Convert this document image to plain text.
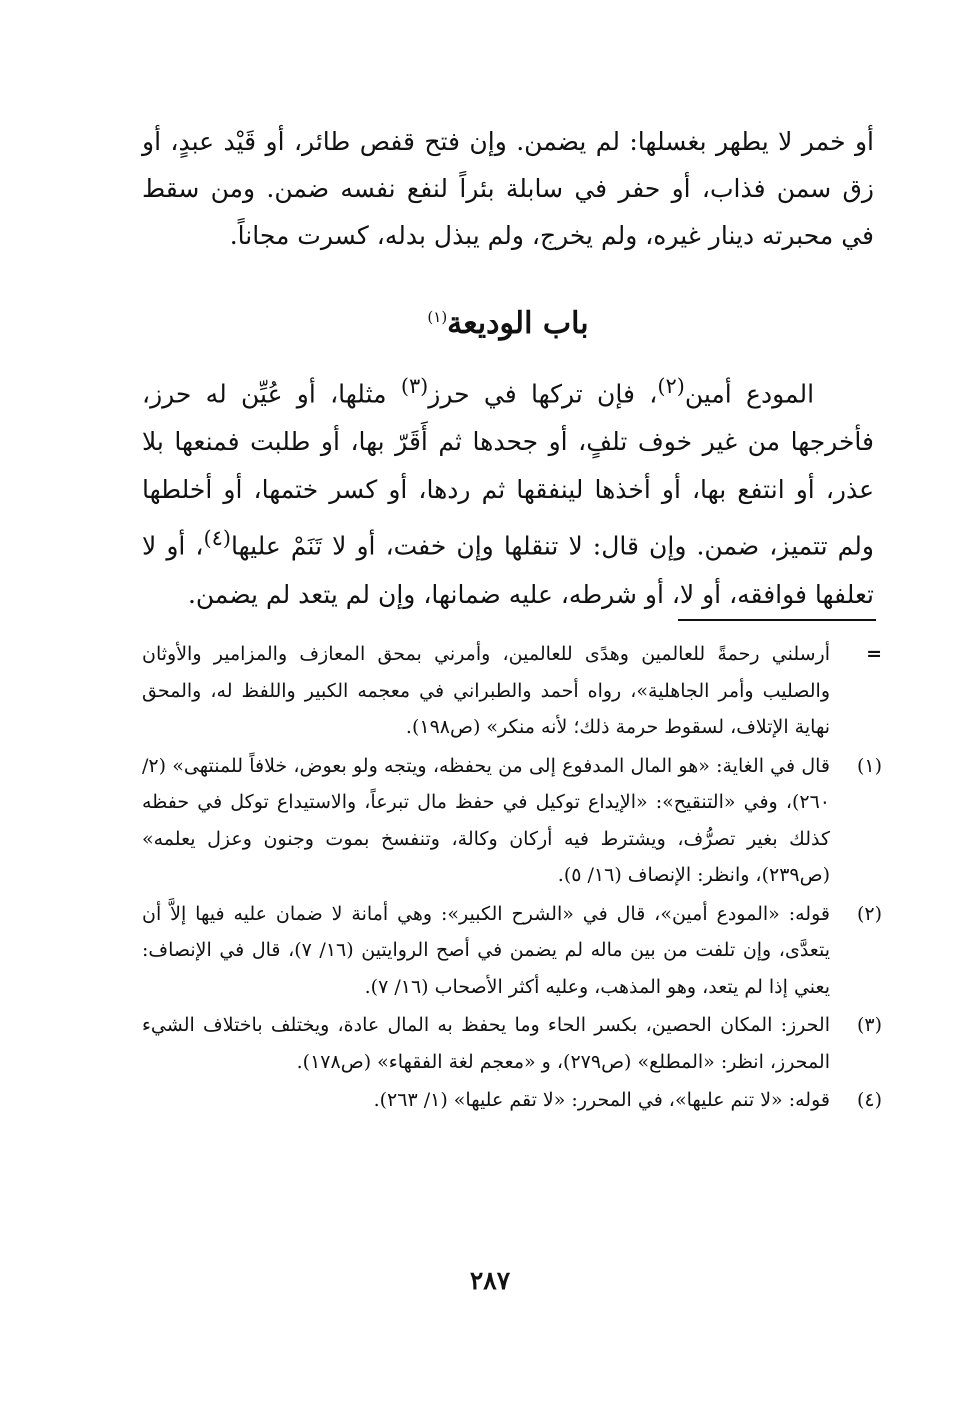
أو خمر لا يطهر بغسلها: لم يضمن. وإن فتح قفص طائر، أو قَيْد عبدٍ، أو زق سمن فذاب، أو حفر في سابلة بئراً لنفع نفسه ضمن. ومن سقط في محبرته دينار غيره، ولم يخرج، ولم يبذل بدله، كسرت مجاناً.

باب الوديعة$^{(١)}$
المودع أمين$^{(٢)}$، فإن تركها في حرز$^{(٣)}$ مثلها، أو عُيِّن له حرز، فأخرجها من غير خوف تلفٍ، أو جحدها ثم أَقَرّ بها، أو طلبت فمنعها بلا عذر، أو انتفع بها، أو أخذها لينفقها ثم ردها، أو كسر ختمها، أو أخلطها ولم تتميز، ضمن. وإن قال: لا تنقلها وإن خفت، أو لا تَنَمْ عليها$^{(٤)}$، أو لا تعلفها فوافقه، أو لا، أو شرطه، عليه ضمانها، وإن لم يتعد لم يضمن.
=
أرسلني رحمةً للعالمين وهدًى للعالمين، وأمرني بمحق المعازف والمزامير والأوثان والصليب وأمر الجاهلية»، رواه أحمد والطبراني في معجمه الكبير واللفظ له، والمحق نهاية الإتلاف، لسقوط حرمة ذلك؛ لأنه منكر» (ص١٩٨).
(١)
قال في الغاية: «هو المال المدفوع إلى من يحفظه، ويتجه ولو بعوض، خلافاً للمنتهى» (٢/ ٢٦٠)، وفي «التنقيح»: «الإيداع توكيل في حفظ مال تبرعاً، والاستيداع توكل في حفظه كذلك بغير تصرُّف، ويشترط فيه أركان وكالة، وتنفسخ بموت وجنون وعزل يعلمه» (ص٢٣٩)، وانظر: الإنصاف (١٦/ ٥).
(٢)
قوله: «المودع أمين»، قال في «الشرح الكبير»: وهي أمانة لا ضمان عليه فيها إلاَّ أن يتعدَّى، وإن تلفت من بين ماله لم يضمن في أصح الروايتين (١٦/ ٧)، قال في الإنصاف: يعني إذا لم يتعد، وهو المذهب، وعليه أكثر الأصحاب (١٦/ ٧).
(٣)
الحرز: المكان الحصين، بكسر الحاء وما يحفظ به المال عادة، ويختلف باختلاف الشيء المحرز، انظر: «المطلع» (ص٢٧٩)، و «معجم لغة الفقهاء» (ص١٧٨).
(٤)
قوله: «لا تنم عليها»، في المحرر: «لا تقم عليها» (١/ ٢٦٣).
٢٨٧
